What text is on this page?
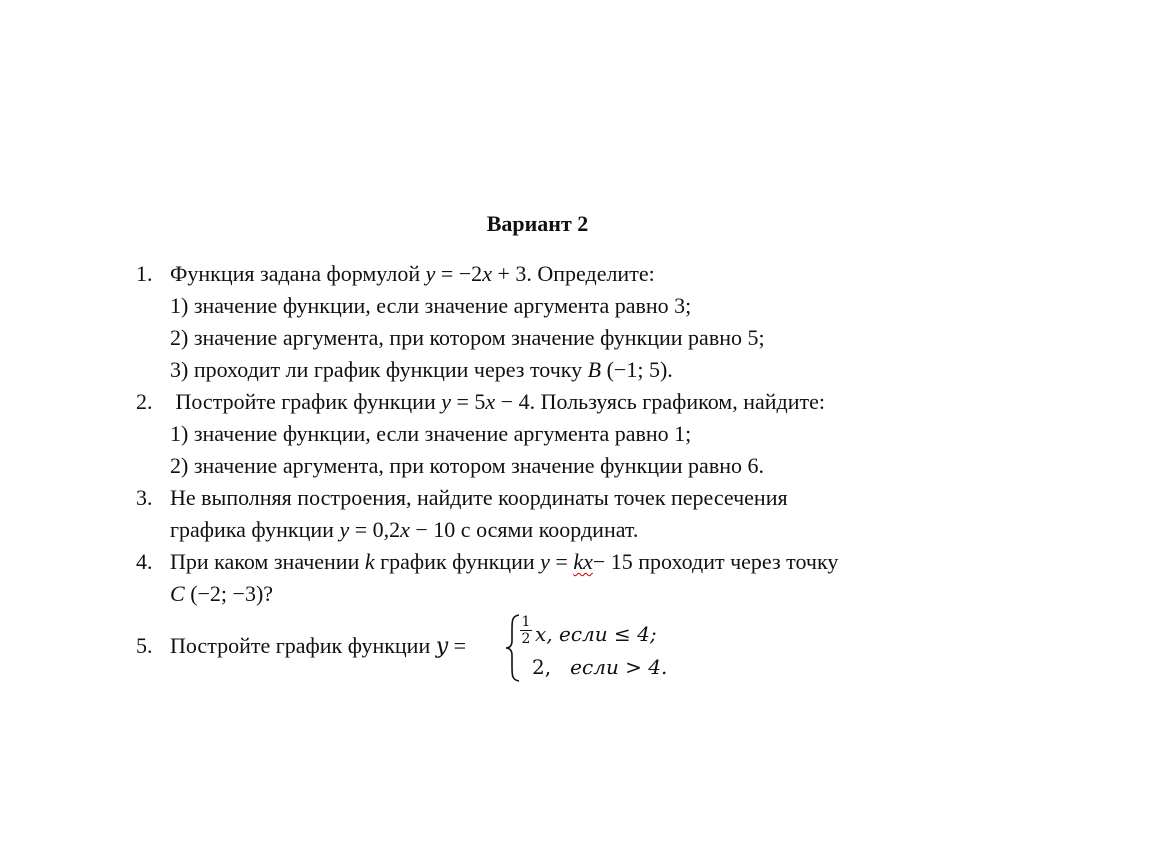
Вариант 2
1. Функция задана формулой y = −2x + 3. Определите:
1) значение функции, если значение аргумента равно 3;
2) значение аргумента, при котором значение функции равно 5;
3) проходит ли график функции через точку B (−1; 5).
2. Постройте график функции y = 5x − 4. Пользуясь графиком, найдите:
1) значение функции, если значение аргумента равно 1;
2) значение аргумента, при котором значение функции равно 6.
3. Не выполняя построения, найдите координаты точек пересечения
графика функции y = 0,2x − 10 с осями координат.
4. При каком значении k график функции y = kx− 15 проходит через точку
C (−2; −3)?
5. Постройте график функции y =
1
2 x, если ≤ 4;
2, если > 4.
